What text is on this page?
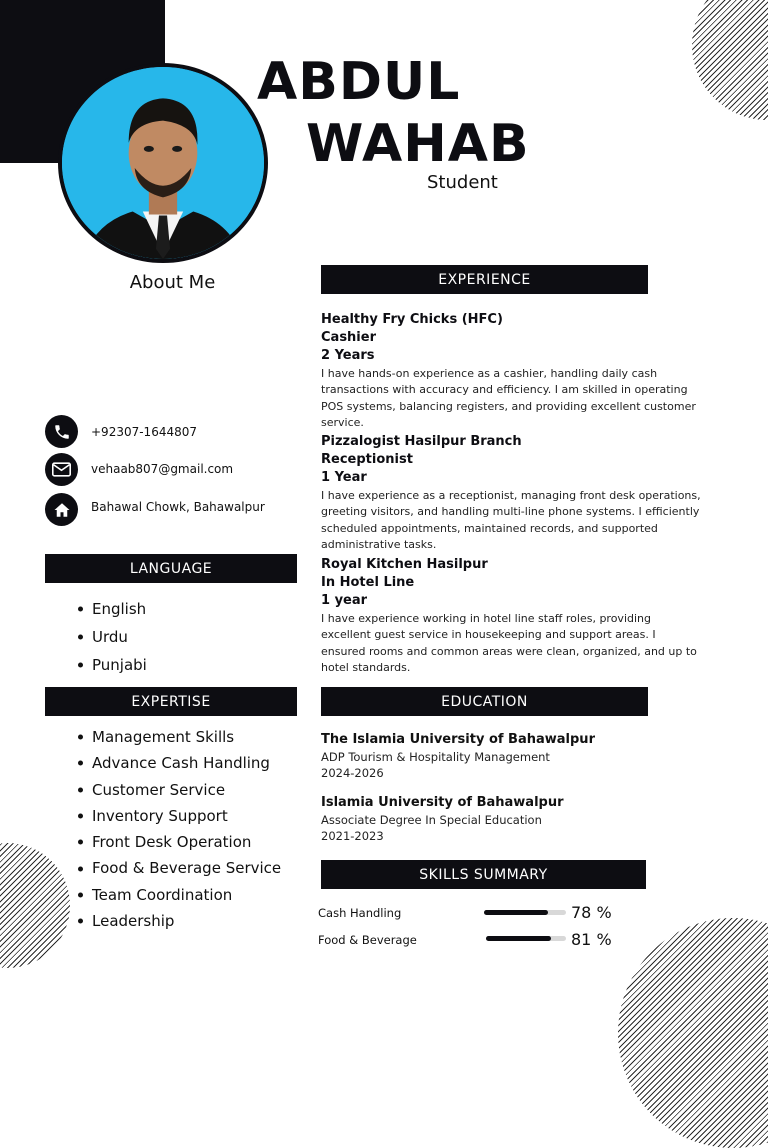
ABDUL
WAHAB
Student
About Me
+92307-1644807
vehaab807@gmail.com
Bahawal Chowk, Bahawalpur
LANGUAGE
English
Urdu
Punjabi
EXPERTISE
Management Skills
Advance Cash Handling
Customer Service
Inventory Support
Front Desk Operation
Food & Beverage Service
Team Coordination
Leadership
EXPERIENCE
Healthy Fry Chicks (HFC)
Cashier
2 Years
I have hands-on experience as a cashier, handling daily cash transactions with accuracy and efficiency. I am skilled in operating POS systems, balancing registers, and providing excellent customer service.
Pizzalogist Hasilpur Branch
Receptionist
1 Year
I have experience as a receptionist, managing front desk operations, greeting visitors, and handling multi-line phone systems. I efficiently scheduled appointments, maintained records, and supported administrative tasks.
Royal Kitchen Hasilpur
In Hotel Line
1 year
I have experience working in hotel line staff roles, providing excellent guest service in housekeeping and support areas. I ensured rooms and common areas were clean, organized, and up to hotel standards.
EDUCATION
The Islamia University of Bahawalpur
ADP Tourism & Hospitality Management
2024-2026
Islamia University of Bahawalpur
Associate Degree In Special Education
2021-2023
SKILLS SUMMARY
Cash Handling	78 %
Food & Beverage	81 %
